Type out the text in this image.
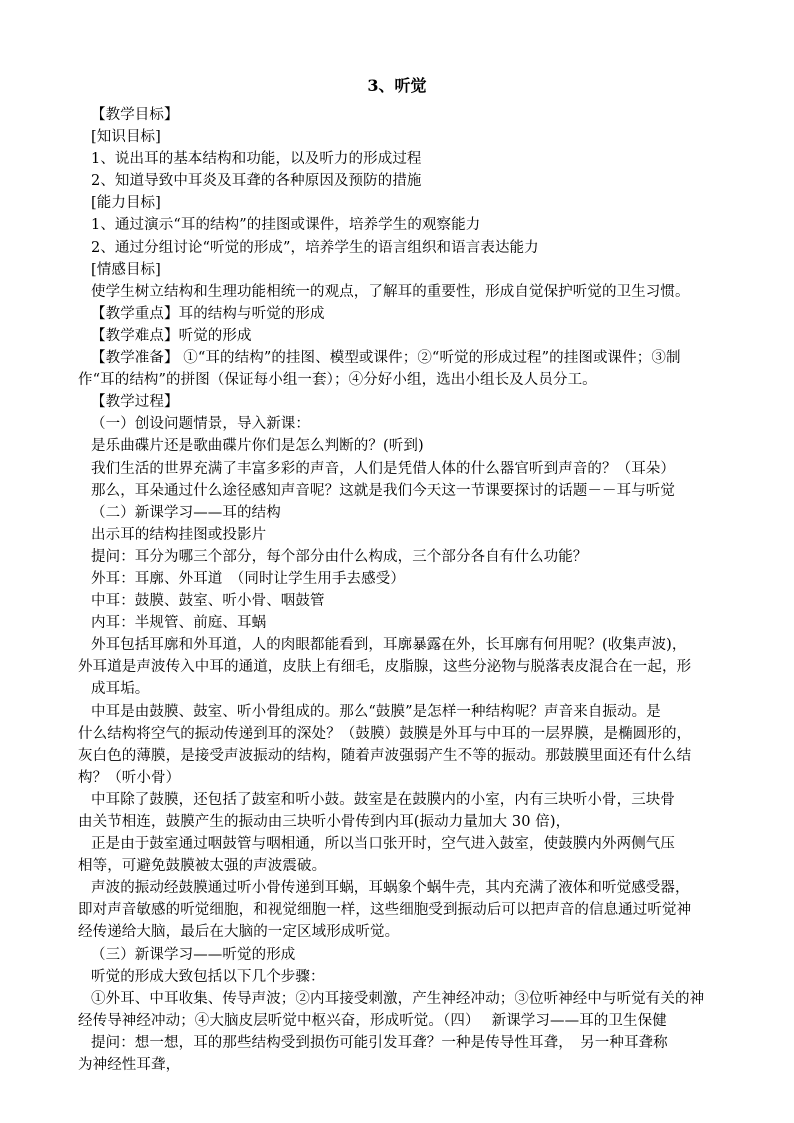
3、听觉

【教学目标】

[知识目标]

1、说出耳的基本结构和功能，以及听力的形成过程

2、知道导致中耳炎及耳聋的各种原因及预防的措施

[能力目标]

1、通过演示“耳的结构”的挂图或课件，培养学生的观察能力

2、通过分组讨论“听觉的形成”，培养学生的语言组织和语言表达能力

[情感目标]

使学生树立结构和生理功能相统一的观点，了解耳的重要性，形成自觉保护听觉的卫生习惯。

【教学重点】耳的结构与听觉的形成

【教学难点】听觉的形成

【教学准备】 ①“耳的结构”的挂图、模型或课件；②“听觉的形成过程”的挂图或课件；③制

作“耳的结构”的拼图（保证每小组一套）；④分好小组，选出小组长及人员分工。

【教学过程】

（一）创设问题情景，导入新课：

是乐曲碟片还是歌曲碟片你们是怎么判断的？(听到)

我们生活的世界充满了丰富多彩的声音，人们是凭借人体的什么器官听到声音的？（耳朵）

那么，耳朵通过什么途径感知声音呢？这就是我们今天这一节课要探讨的话题－－耳与听觉

（二）新课学习——耳的结构

出示耳的结构挂图或投影片

提问：耳分为哪三个部分，每个部分由什么构成，三个部分各自有什么功能？

外耳：耳廓、外耳道　（同时让学生用手去感受）

中耳：鼓膜、鼓室、听小骨、咽鼓管

内耳：半规管、前庭、耳蜗

外耳包括耳廓和外耳道，人的肉眼都能看到，耳廓暴露在外，长耳廓有何用呢？(收集声波)，

外耳道是声波传入中耳的通道，皮肤上有细毛，皮脂腺，这些分泌物与脱落表皮混合在一起，形

成耳垢。

中耳是由鼓膜、鼓室、听小骨组成的。那么“鼓膜”是怎样一种结构呢？声音来自振动。是

什么结构将空气的振动传递到耳的深处？（鼓膜）鼓膜是外耳与中耳的一层界膜，是椭圆形的，

灰白色的薄膜，是接受声波振动的结构，随着声波强弱产生不等的振动。那鼓膜里面还有什么结

构？（听小骨）

中耳除了鼓膜，还包括了鼓室和听小鼓。鼓室是在鼓膜内的小室，内有三块听小骨，三块骨

由关节相连，鼓膜产生的振动由三块听小骨传到内耳(振动力量加大 30 倍)，

正是由于鼓室通过咽鼓管与咽相通，所以当口张开时，空气进入鼓室，使鼓膜内外两侧气压

相等，可避免鼓膜被太强的声波震破。

声波的振动经鼓膜通过听小骨传递到耳蜗，耳蜗象个蜗牛壳，其内充满了液体和听觉感受器，

即对声音敏感的听觉细胞，和视觉细胞一样，这些细胞受到振动后可以把声音的信息通过听觉神

经传递给大脑，最后在大脑的一定区域形成听觉。

（三）新课学习——听觉的形成

听觉的形成大致包括以下几个步骤：

①外耳、中耳收集、传导声波；②内耳接受刺激，产生神经冲动；③位听神经中与听觉有关的神

经传导神经冲动；④大脑皮层听觉中枢兴奋，形成听觉。（四）　 新课学习——耳的卫生保健

提问：想一想，耳的那些结构受到损伤可能引发耳聋？一种是传导性耳聋，　另一种耳聋称

为神经性耳聋，
